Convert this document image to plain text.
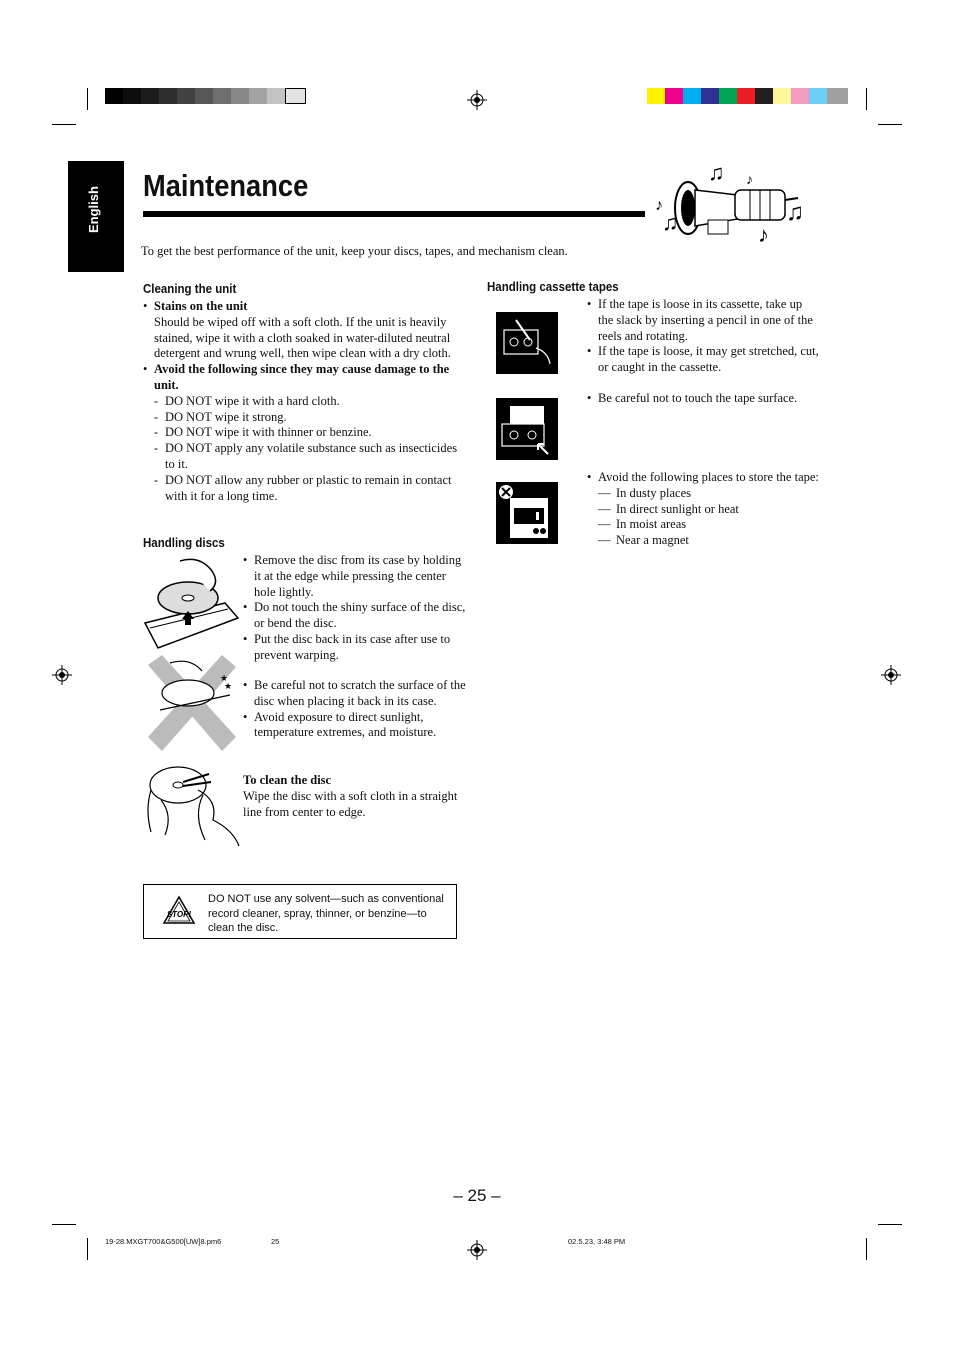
English
Maintenance
♫
♪
♫
♫
♪
♪
To get the best performance of the unit, keep your discs, tapes, and mechanism clean.
Cleaning the unit
• Stains on the unit
Should be wiped off with a soft cloth. If the unit is heavily stained, wipe it with a cloth soaked in water-diluted neutral detergent and wrung well, then wipe clean with a dry cloth.
• Avoid the following since they may cause damage to the unit.
- DO NOT wipe it with a hard cloth.
- DO NOT wipe it strong.
- DO NOT wipe it with thinner or benzine.
- DO NOT apply any volatile substance such as insecticides to it.
- DO NOT allow any rubber or plastic to remain in contact with it for a long time.
Handling discs
• Remove the disc from its case by holding it at the edge while pressing the center hole lightly.
• Do not touch the shiny surface of the disc, or bend the disc.
• Put the disc back in its case after use to prevent warping.
★
★
•	Be careful not to scratch the surface of the disc when placing it back in its case.
• Avoid exposure to direct sunlight, temperature extremes, and moisture.
To clean the disc
Wipe the disc with a soft cloth in a straight line from center to edge.
STOP!
DO NOT use any solvent—such as conventional record cleaner, spray, thinner, or benzine—to clean the disc.
Handling cassette tapes
• If the tape is loose in its cassette, take up the slack by inserting a pencil in one of the reels and rotating.
• If the tape is loose, it may get stretched, cut, or caught in the cassette.
• Be careful not to touch the tape surface.
• Avoid the following places to store the tape:
— In dusty places
— In direct sunlight or heat
— In moist areas
— Near a magnet
– 25 –
19-28.MXGT700&G500[UW]8.pm6	25	02.5.23, 3:48 PM
